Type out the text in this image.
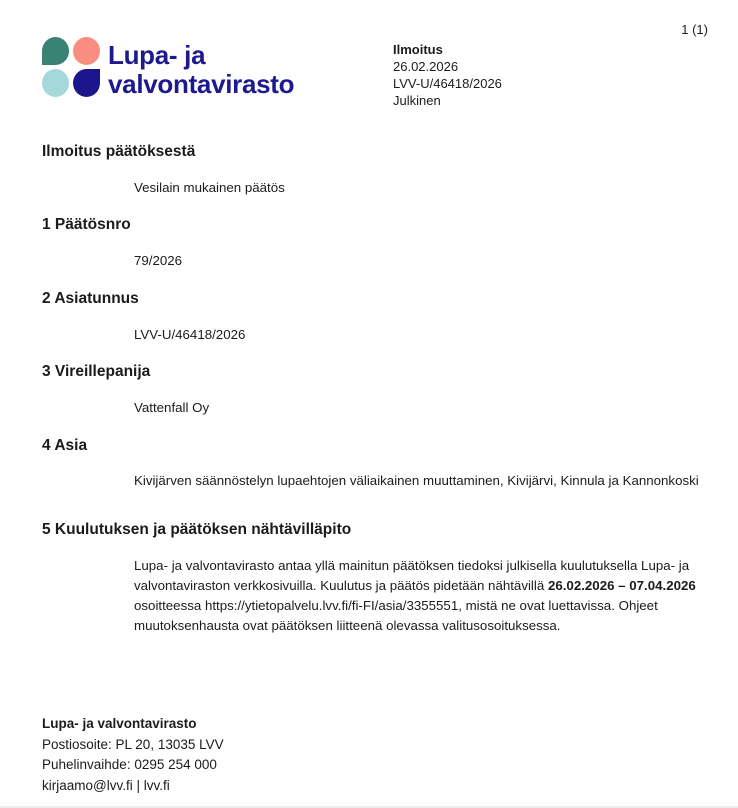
Lupa- ja
valvontavirasto
Ilmoitus
26.02.2026
LVV-U/46418/2026
Julkinen
1 (1)
Ilmoitus päätöksestä
Vesilain mukainen päätös
1 Päätösnro
79/2026
2 Asiatunnus
LVV-U/46418/2026
3 Vireillepanija
Vattenfall Oy
4 Asia
Kivijärven säännöstelyn lupaehtojen väliaikainen muuttaminen, Kivijärvi, Kinnula ja Kannonkoski
5 Kuulutuksen ja päätöksen nähtävilläpito
Lupa- ja valvontavirasto antaa yllä mainitun päätöksen tiedoksi julkisella kuulutuksella Lupa- ja valvontaviraston verkkosivuilla. Kuulutus ja päätös pidetään nähtävillä 26.02.2026 – 07.04.2026 osoitteessa https://ytietopalvelu.lvv.fi/fi-FI/asia/3355551, mistä ne ovat luettavissa. Ohjeet muutoksenhausta ovat päätöksen liitteenä olevassa valitusosoituksessa.
Lupa- ja valvontavirasto
Postiosoite: PL 20, 13035 LVV
Puhelinvaihde: 0295 254 000
kirjaamo@lvv.fi | lvv.fi
